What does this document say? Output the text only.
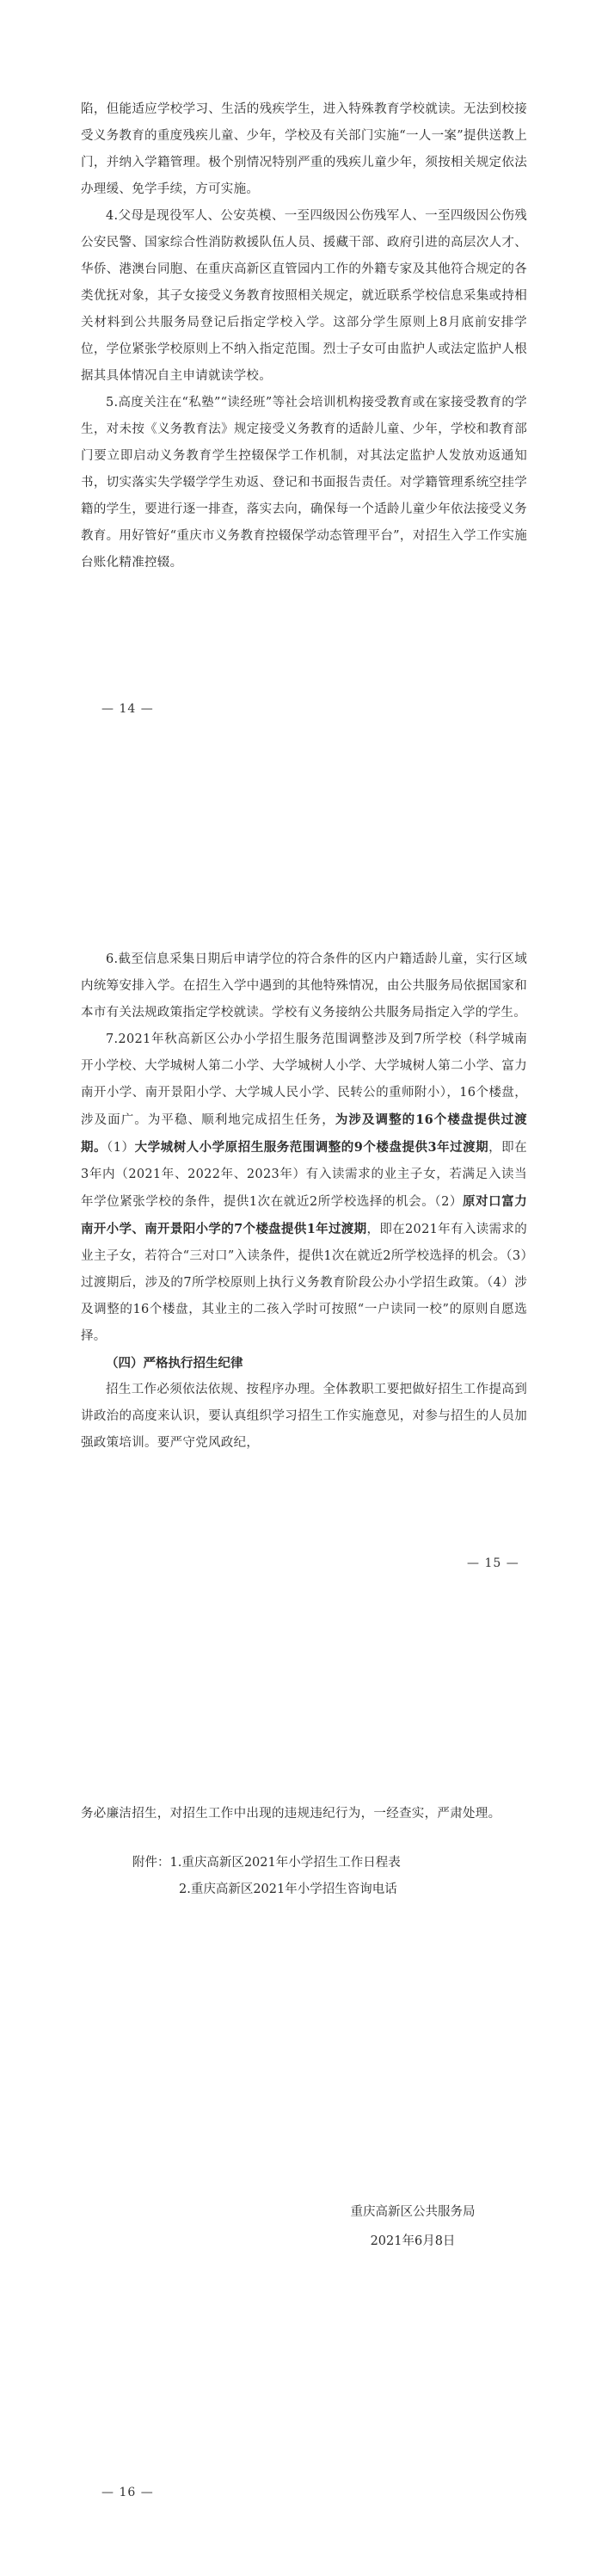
陷，但能适应学校学习、生活的残疾学生，进入特殊教育学校就读。无法到校接受义务教育的重度残疾儿童、少年，学校及有关部门实施“一人一案”提供送教上门，并纳入学籍管理。极个别情况特别严重的残疾儿童少年，须按相关规定依法办理缓、免学手续，方可实施。

4.父母是现役军人、公安英模、一至四级因公伤残军人、一至四级因公伤残公安民警、国家综合性消防救援队伍人员、援藏干部、政府引进的高层次人才、华侨、港澳台同胞、在重庆高新区直管园内工作的外籍专家及其他符合规定的各类优抚对象，其子女接受义务教育按照相关规定，就近联系学校信息采集或持相关材料到公共服务局登记后指定学校入学。这部分学生原则上8月底前安排学位，学位紧张学校原则上不纳入指定范围。烈士子女可由监护人或法定监护人根据其具体情况自主申请就读学校。

5.高度关注在“私塾”“读经班”等社会培训机构接受教育或在家接受教育的学生，对未按《义务教育法》规定接受义务教育的适龄儿童、少年，学校和教育部门要立即启动义务教育学生控辍保学工作机制，对其法定监护人发放劝返通知书，切实落实失学辍学学生劝返、登记和书面报告责任。对学籍管理系统空挂学籍的学生，要进行逐一排查，落实去向，确保每一个适龄儿童少年依法接受义务教育。用好管好“重庆市义务教育控辍保学动态管理平台”，对招生入学工作实施台账化精准控辍。

— 14 —

6.截至信息采集日期后申请学位的符合条件的区内户籍适龄儿童，实行区域内统筹安排入学。在招生入学中遇到的其他特殊情况，由公共服务局依据国家和本市有关法规政策指定学校就读。学校有义务接纳公共服务局指定入学的学生。

7.2021年秋高新区公办小学招生服务范围调整涉及到7所学校（科学城南开小学校、大学城树人第二小学、大学城树人小学、大学城树人第二小学、富力南开小学、南开景阳小学、大学城人民小学、民转公的重师附小），16个楼盘，涉及面广。为平稳、顺利地完成招生任务，为涉及调整的16个楼盘提供过渡期。（1）大学城树人小学原招生服务范围调整的9个楼盘提供3年过渡期，即在3年内（2021年、2022年、2023年）有入读需求的业主子女，若满足入读当年学位紧张学校的条件，提供1次在就近2所学校选择的机会。（2）原对口富力南开小学、南开景阳小学的7个楼盘提供1年过渡期，即在2021年有入读需求的业主子女，若符合“三对口”入读条件，提供1次在就近2所学校选择的机会。（3）过渡期后，涉及的7所学校原则上执行义务教育阶段公办小学招生政策。（4）涉及调整的16个楼盘，其业主的二孩入学时可按照“一户读同一校”的原则自愿选择。

（四）严格执行招生纪律

招生工作必须依法依规、按程序办理。全体教职工要把做好招生工作提高到讲政治的高度来认识，要认真组织学习招生工作实施意见，对参与招生的人员加强政策培训。要严守党风政纪，

— 15 —

务必廉洁招生，对招生工作中出现的违规违纪行为，一经查实，严肃处理。

附件：1.重庆高新区2021年小学招生工作日程表
2.重庆高新区2021年小学招生咨询电话

重庆高新区公共服务局
2021年6月8日
— 16 —
